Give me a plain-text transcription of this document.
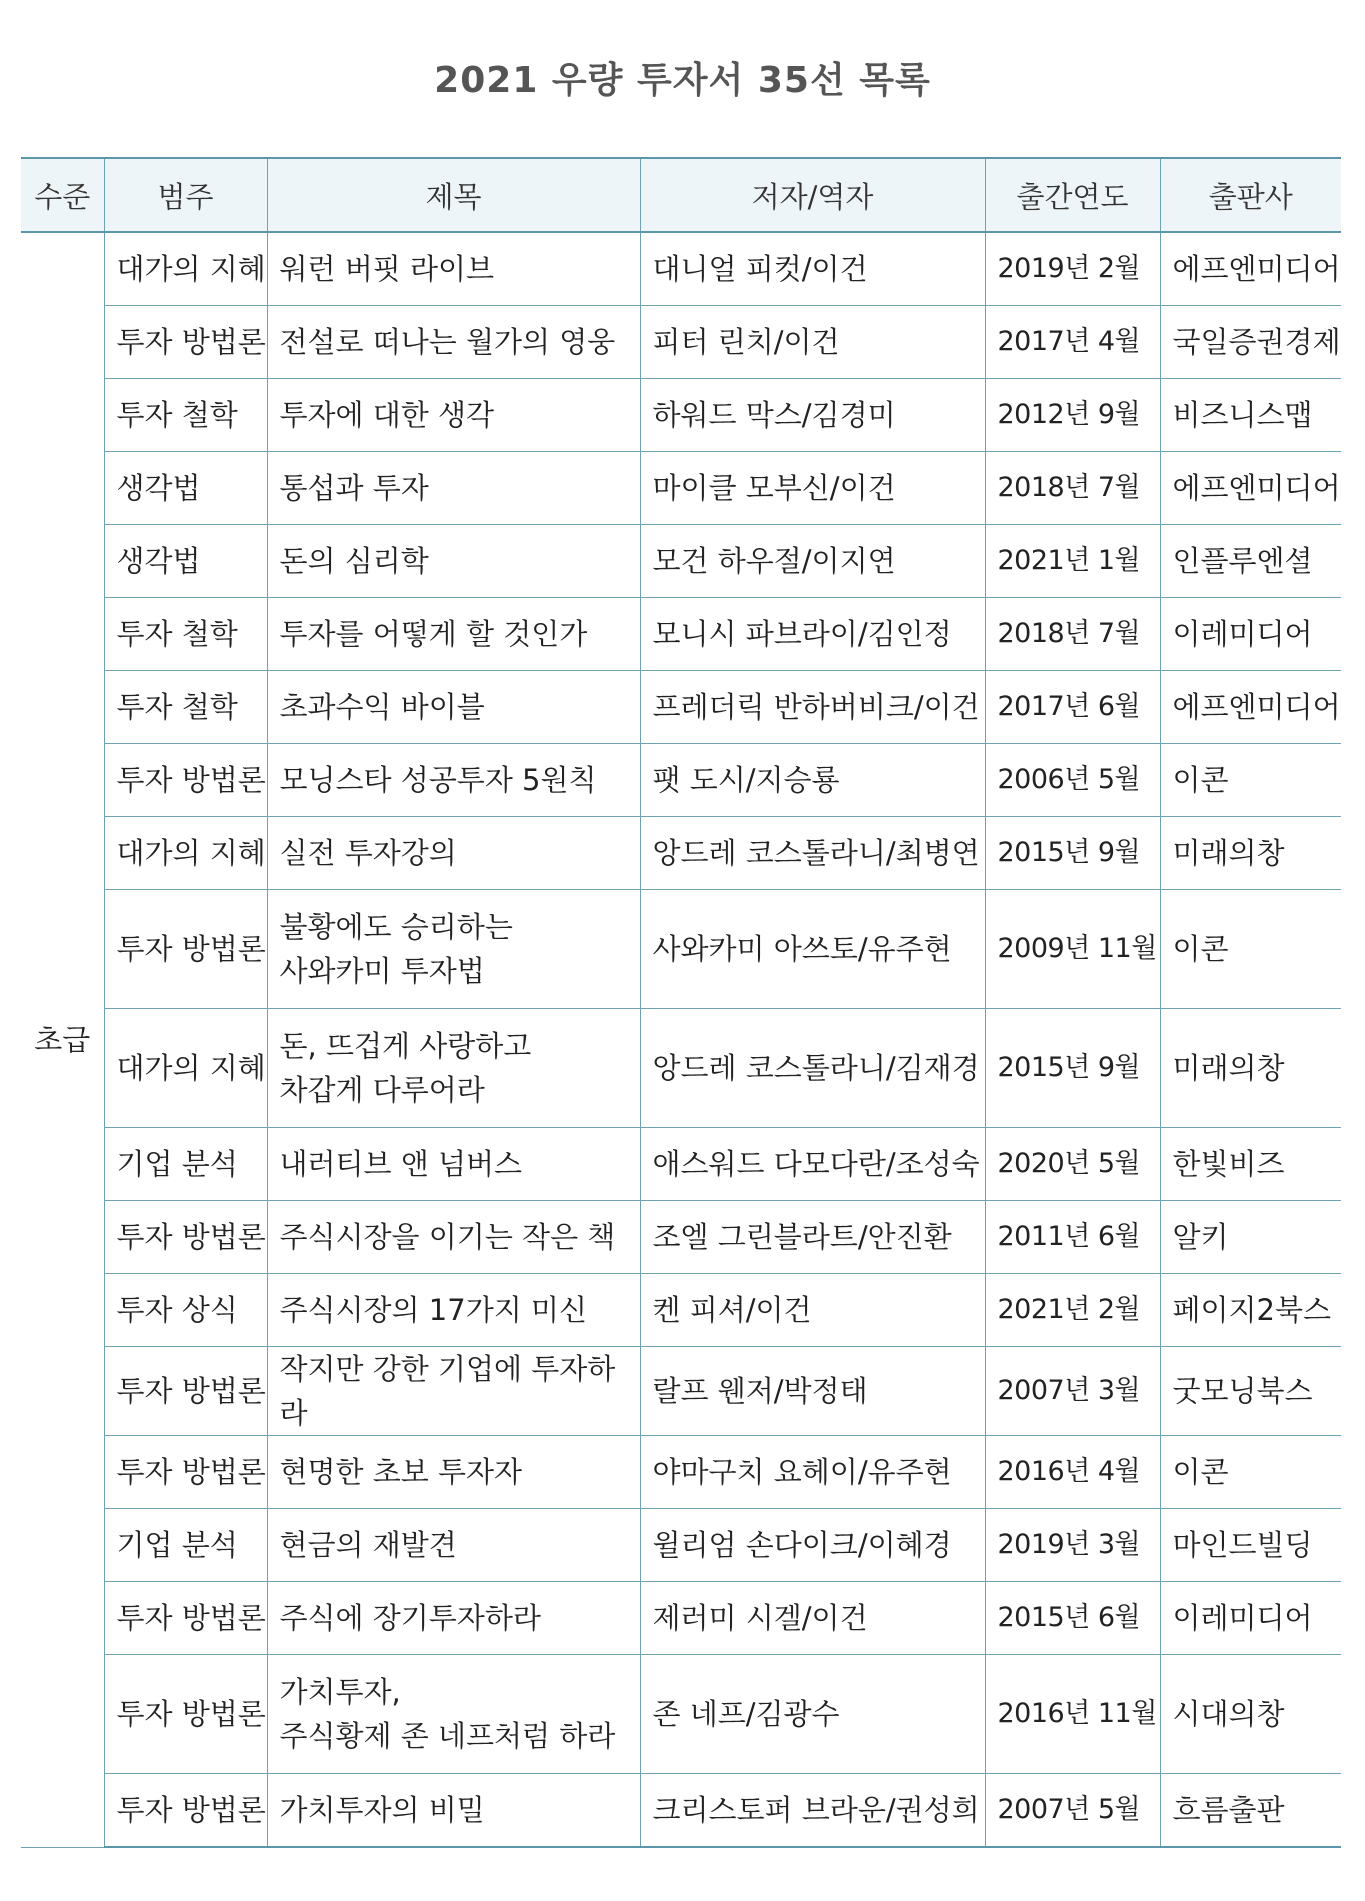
2021 우량 투자서 35선 목록
수준	범주	제목	저자/역자	출간연도	출판사
초급	대가의 지혜	워런 버핏 라이브	대니얼 피컷/이건	2019년 2월	에프엔미디어
	투자 방법론	전설로 떠나는 월가의 영웅	피터 린치/이건	2017년 4월	국일증권경제
	투자 철학	투자에 대한 생각	하워드 막스/김경미	2012년 9월	비즈니스맵
	생각법	통섭과 투자	마이클 모부신/이건	2018년 7월	에프엔미디어
	생각법	돈의 심리학	모건 하우절/이지연	2021년 1월	인플루엔셜
	투자 철학	투자를 어떻게 할 것인가	모니시 파브라이/김인정	2018년 7월	이레미디어
	투자 철학	초과수익 바이블	프레더릭 반하버비크/이건	2017년 6월	에프엔미디어
	투자 방법론	모닝스타 성공투자 5원칙	팻 도시/지승룡	2006년 5월	이콘
	대가의 지혜	실전 투자강의	앙드레 코스톨라니/최병연	2015년 9월	미래의창
	투자 방법론	불황에도 승리하는
사와카미 투자법	사와카미 아쓰토/유주현	2009년 11월	이콘
	대가의 지혜	돈, 뜨겁게 사랑하고
차갑게 다루어라	앙드레 코스톨라니/김재경	2015년 9월	미래의창
	기업 분석	내러티브 앤 넘버스	애스워드 다모다란/조성숙	2020년 5월	한빛비즈
	투자 방법론	주식시장을 이기는 작은 책	조엘 그린블라트/안진환	2011년 6월	알키
	투자 상식	주식시장의 17가지 미신	켄 피셔/이건	2021년 2월	페이지2북스
	투자 방법론	작지만 강한 기업에 투자하라	랄프 웬저/박정태	2007년 3월	굿모닝북스
	투자 방법론	현명한 초보 투자자	야마구치 요헤이/유주현	2016년 4월	이콘
	기업 분석	현금의 재발견	윌리엄 손다이크/이혜경	2019년 3월	마인드빌딩
	투자 방법론	주식에 장기투자하라	제러미 시겔/이건	2015년 6월	이레미디어
	투자 방법론	가치투자,
주식황제 존 네프처럼 하라	존 네프/김광수	2016년 11월	시대의창
	투자 방법론	가치투자의 비밀	크리스토퍼 브라운/권성희	2007년 5월	흐름출판
